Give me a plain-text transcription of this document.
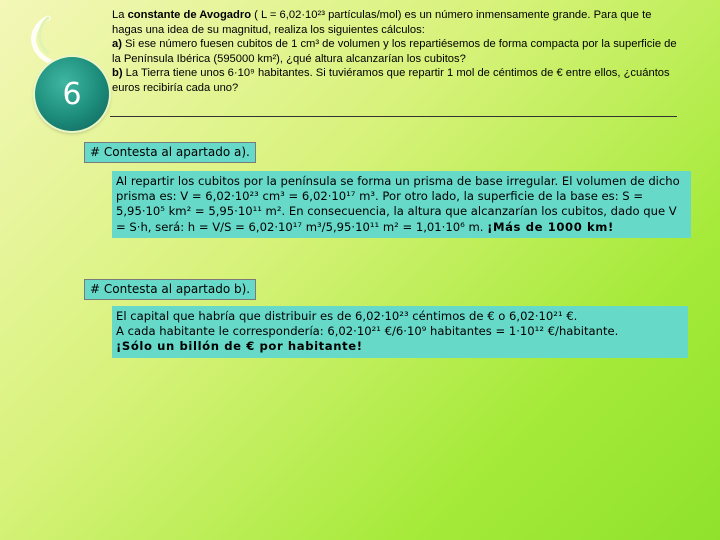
6
La constante de Avogadro ( L = 6,02·10²³ partículas/mol) es un número inmensamente grande. Para que te hagas una idea de su magnitud, realiza los siguientes cálculos:
a) Si ese número fuesen cubitos de 1 cm³ de volumen y los repartiésemos de forma compacta por la superficie de la Península Ibérica (595000 km²), ¿qué altura alcanzarían los cubitos?
b) La Tierra tiene unos 6·10⁹ habitantes. Si tuviéramos que repartir 1 mol de céntimos de € entre ellos, ¿cuántos euros recibiría cada uno?
# Contesta al apartado a).
Al repartir los cubitos por la península se forma un prisma de base irregular. El volumen de dicho prisma es: V = 6,02·10²³ cm³ = 6,02·10¹⁷ m³. Por otro lado, la superficie de la base es: S = 5,95·10⁵ km² = 5,95·10¹¹ m². En consecuencia, la altura que alcanzarían los cubitos, dado que V = S·h, será: h = V/S = 6,02·10¹⁷ m³/5,95·10¹¹ m² = 1,01·10⁶ m. ¡Más de 1000 km!
# Contesta al apartado b).
El capital que habría que distribuir es de 6,02·10²³ céntimos de € o 6,02·10²¹ €.
A cada habitante le correspondería: 6,02·10²¹ €/6·10⁹ habitantes = 1·10¹² €/habitante.
¡Sólo un billón de € por habitante!
